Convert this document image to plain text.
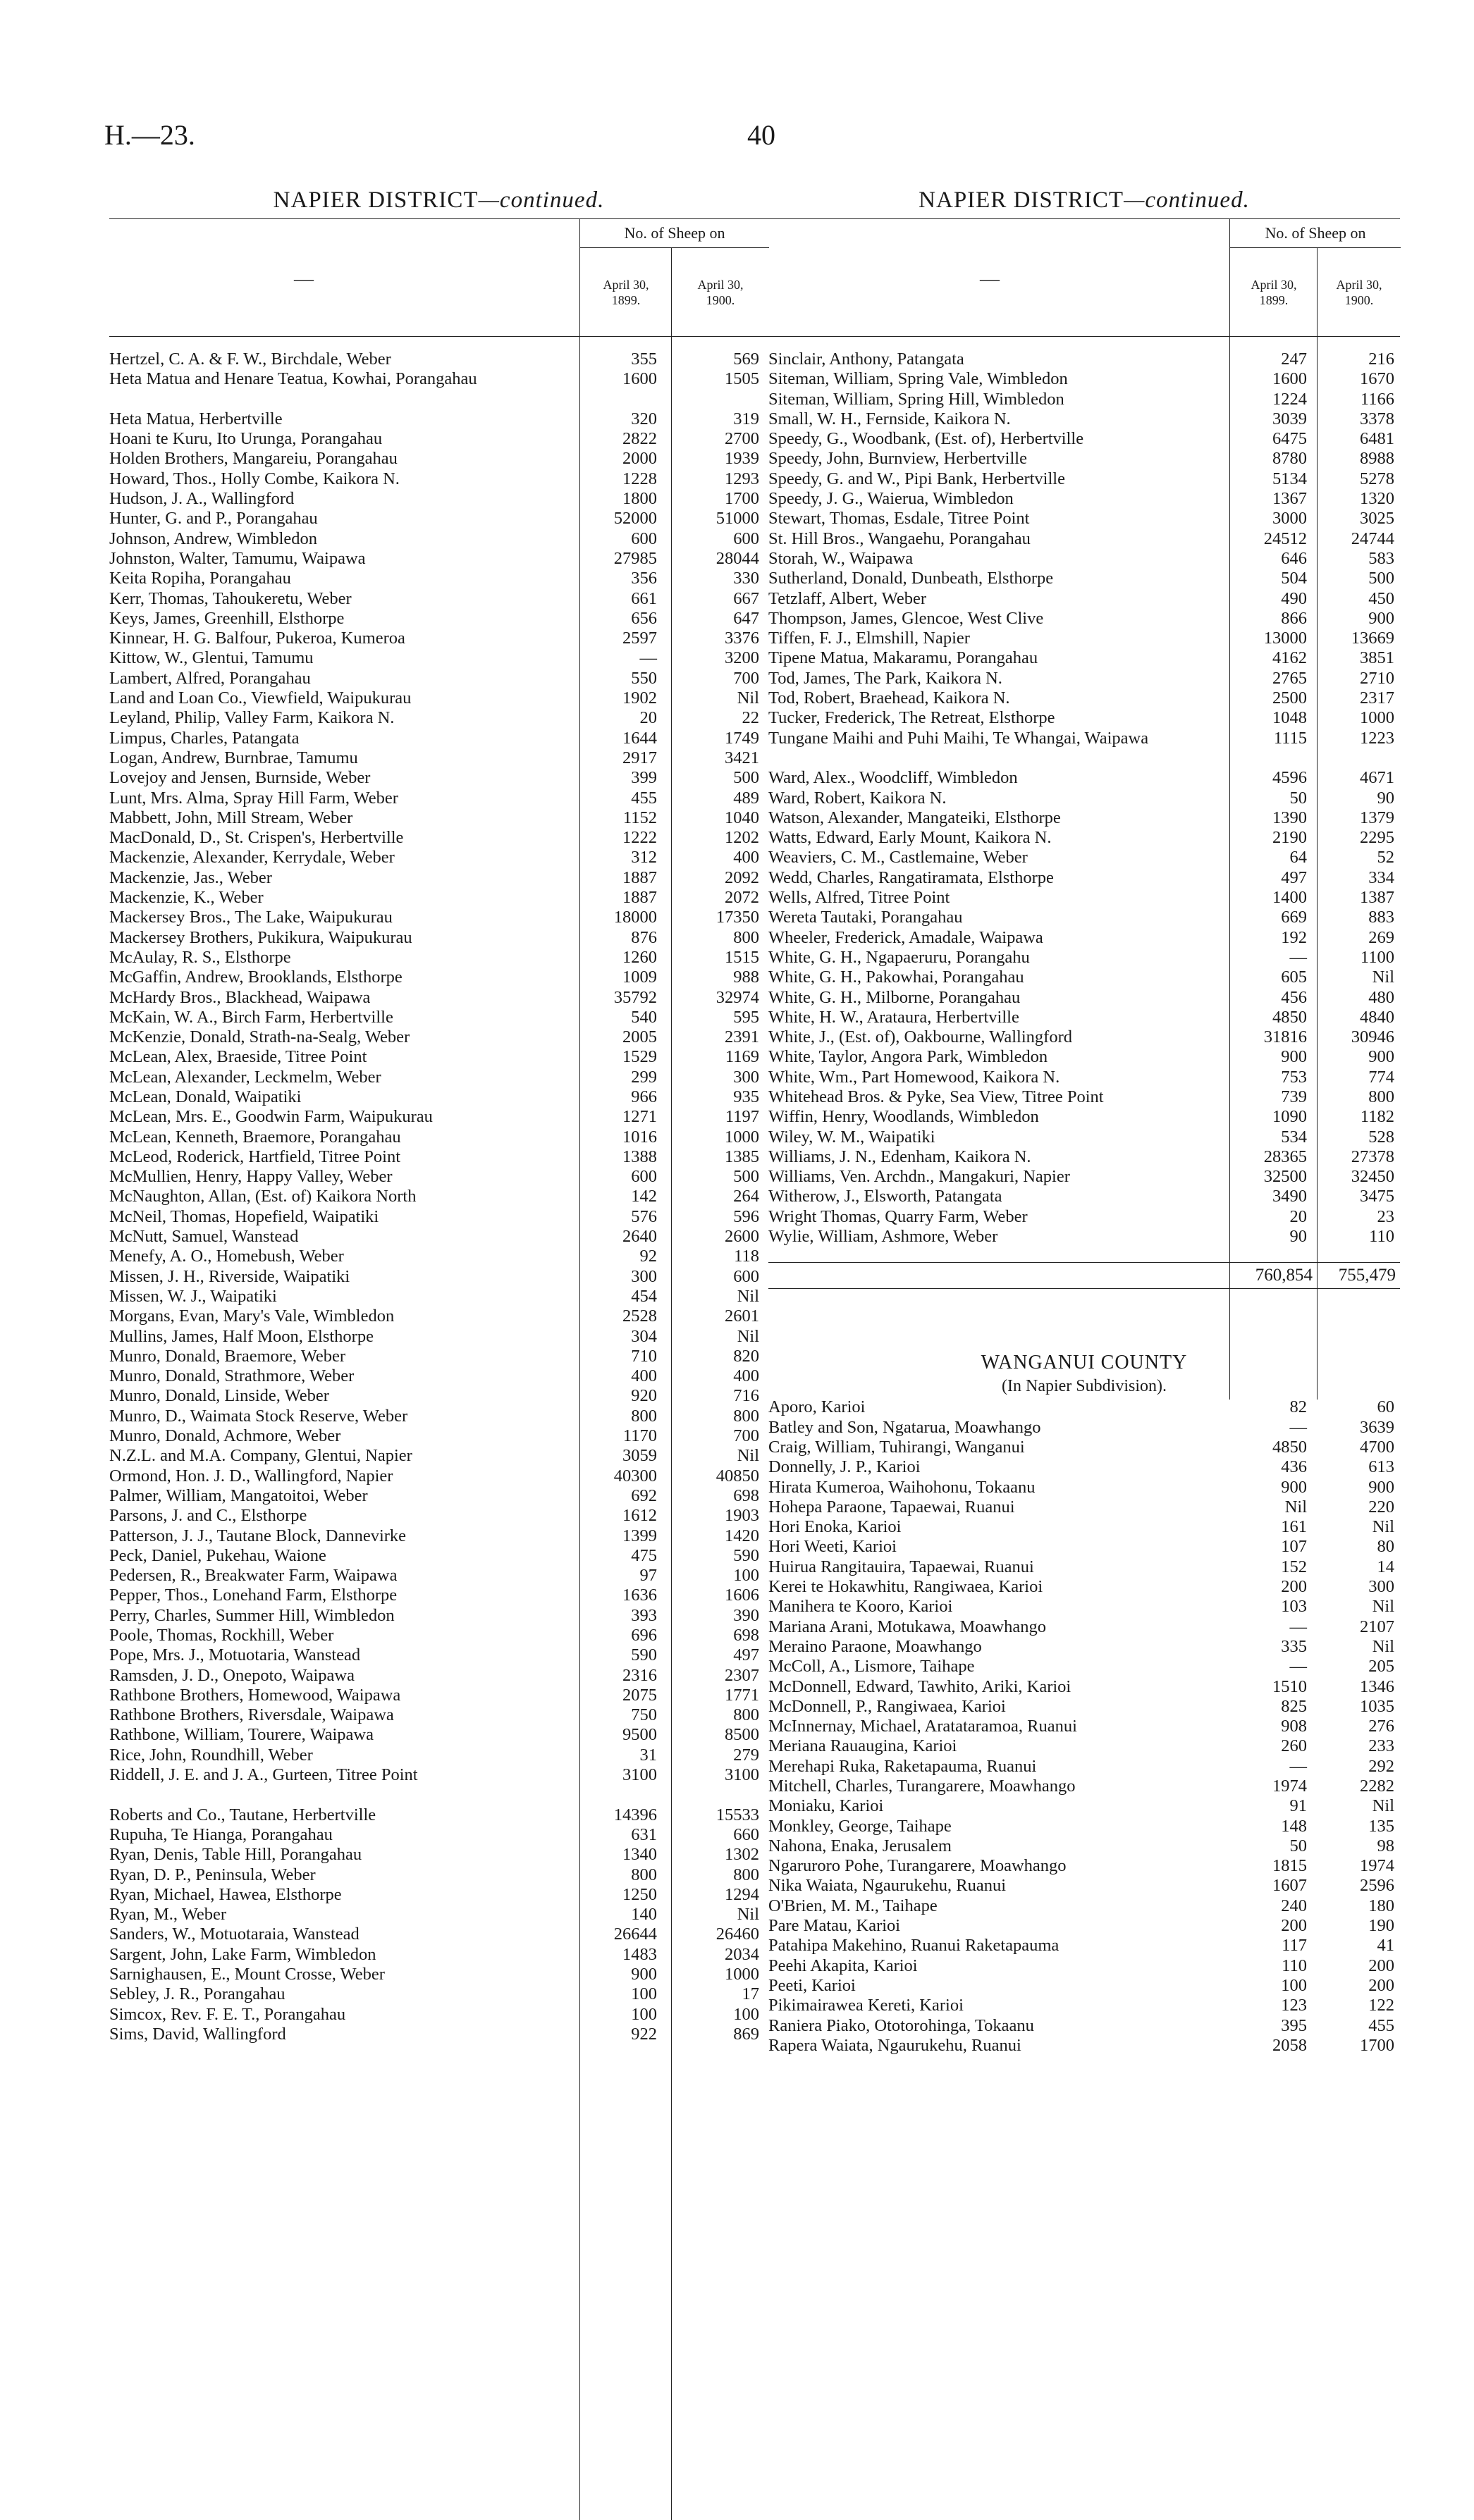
H.—23.	40
NAPIER DISTRICT—continued.
—
No. of Sheep on
April 30,
1899.
April 30,
1900.
Hertzel, C. A. & F. W., Birchdale, Weber	355	569
Heta Matua and Henare Teatua, Kowhai, Porangahau	1600	1505
Heta Matua, Herbertville	320	319
Hoani te Kuru, Ito Urunga, Porangahau	2822	2700
Holden Brothers, Mangareiu, Porangahau	2000	1939
Howard, Thos., Holly Combe, Kaikora N.	1228	1293
Hudson, J. A., Wallingford	1800	1700
Hunter, G. and P., Porangahau	52000	51000
Johnson, Andrew, Wimbledon	600	600
Johnston, Walter, Tamumu, Waipawa	27985	28044
Keita Ropiha, Porangahau	356	330
Kerr, Thomas, Tahoukeretu, Weber	661	667
Keys, James, Greenhill, Elsthorpe	656	647
Kinnear, H. G. Balfour, Pukeroa, Kumeroa	2597	3376
Kittow, W., Glentui, Tamumu	—	3200
Lambert, Alfred, Porangahau	550	700
Land and Loan Co., Viewfield, Waipukurau	1902	Nil
Leyland, Philip, Valley Farm, Kaikora N.	20	22
Limpus, Charles, Patangata	1644	1749
Logan, Andrew, Burnbrae, Tamumu	2917	3421
Lovejoy and Jensen, Burnside, Weber	399	500
Lunt, Mrs. Alma, Spray Hill Farm, Weber	455	489
Mabbett, John, Mill Stream, Weber	1152	1040
MacDonald, D., St. Crispen's, Herbertville	1222	1202
Mackenzie, Alexander, Kerrydale, Weber	312	400
Mackenzie, Jas., Weber	1887	2092
Mackenzie, K., Weber	1887	2072
Mackersey Bros., The Lake, Waipukurau	18000	17350
Mackersey Brothers, Pukikura, Waipukurau	876	800
McAulay, R. S., Elsthorpe	1260	1515
McGaffin, Andrew, Brooklands, Elsthorpe	1009	988
McHardy Bros., Blackhead, Waipawa	35792	32974
McKain, W. A., Birch Farm, Herbertville	540	595
McKenzie, Donald, Strath-na-Sealg, Weber	2005	2391
McLean, Alex, Braeside, Titree Point	1529	1169
McLean, Alexander, Leckmelm, Weber	299	300
McLean, Donald, Waipatiki	966	935
McLean, Mrs. E., Goodwin Farm, Waipukurau	1271	1197
McLean, Kenneth, Braemore, Porangahau	1016	1000
McLeod, Roderick, Hartfield, Titree Point	1388	1385
McMullien, Henry, Happy Valley, Weber	600	500
McNaughton, Allan, (Est. of) Kaikora North	142	264
McNeil, Thomas, Hopefield, Waipatiki	576	596
McNutt, Samuel, Wanstead	2640	2600
Menefy, A. O., Homebush, Weber	92	118
Missen, J. H., Riverside, Waipatiki	300	600
Missen, W. J., Waipatiki	454	Nil
Morgans, Evan, Mary's Vale, Wimbledon	2528	2601
Mullins, James, Half Moon, Elsthorpe	304	Nil
Munro, Donald, Braemore, Weber	710	820
Munro, Donald, Strathmore, Weber	400	400
Munro, Donald, Linside, Weber	920	716
Munro, D., Waimata Stock Reserve, Weber	800	800
Munro, Donald, Achmore, Weber	1170	700
N.Z.L. and M.A. Company, Glentui, Napier	3059	Nil
Ormond, Hon. J. D., Wallingford, Napier	40300	40850
Palmer, William, Mangatoitoi, Weber	692	698
Parsons, J. and C., Elsthorpe	1612	1903
Patterson, J. J., Tautane Block, Dannevirke	1399	1420
Peck, Daniel, Pukehau, Waione	475	590
Pedersen, R., Breakwater Farm, Waipawa	97	100
Pepper, Thos., Lonehand Farm, Elsthorpe	1636	1606
Perry, Charles, Summer Hill, Wimbledon	393	390
Poole, Thomas, Rockhill, Weber	696	698
Pope, Mrs. J., Motuotaria, Wanstead	590	497
Ramsden, J. D., Onepoto, Waipawa	2316	2307
Rathbone Brothers, Homewood, Waipawa	2075	1771
Rathbone Brothers, Riversdale, Waipawa	750	800
Rathbone, William, Tourere, Waipawa	9500	8500
Rice, John, Roundhill, Weber	31	279
Riddell, J. E. and J. A., Gurteen, Titree Point	3100	3100
Roberts and Co., Tautane, Herbertville	14396	15533
Rupuha, Te Hianga, Porangahau	631	660
Ryan, Denis, Table Hill, Porangahau	1340	1302
Ryan, D. P., Peninsula, Weber	800	800
Ryan, Michael, Hawea, Elsthorpe	1250	1294
Ryan, M., Weber	140	Nil
Sanders, W., Motuotaraia, Wanstead	26644	26460
Sargent, John, Lake Farm, Wimbledon	1483	2034
Sarnighausen, E., Mount Crosse, Weber	900	1000
Sebley, J. R., Porangahau	100	17
Simcox, Rev. F. E. T., Porangahau	100	100
Sims, David, Wallingford	922	869
NAPIER DISTRICT—continued.
—
No. of Sheep on
April 30,
1899.
April 30,
1900.
Sinclair, Anthony, Patangata	247	216
Siteman, William, Spring Vale, Wimbledon	1600	1670
Siteman, William, Spring Hill, Wimbledon	1224	1166
Small, W. H., Fernside, Kaikora N.	3039	3378
Speedy, G., Woodbank, (Est. of), Herbertville	6475	6481
Speedy, John, Burnview, Herbertville	8780	8988
Speedy, G. and W., Pipi Bank, Herbertville	5134	5278
Speedy, J. G., Waierua, Wimbledon	1367	1320
Stewart, Thomas, Esdale, Titree Point	3000	3025
St. Hill Bros., Wangaehu, Porangahau	24512	24744
Storah, W., Waipawa	646	583
Sutherland, Donald, Dunbeath, Elsthorpe	504	500
Tetzlaff, Albert, Weber	490	450
Thompson, James, Glencoe, West Clive	866	900
Tiffen, F. J., Elmshill, Napier	13000	13669
Tipene Matua, Makaramu, Porangahau	4162	3851
Tod, James, The Park, Kaikora N.	2765	2710
Tod, Robert, Braehead, Kaikora N.	2500	2317
Tucker, Frederick, The Retreat, Elsthorpe	1048	1000
Tungane Maihi and Puhi Maihi, Te Whangai, Waipawa	1115	1223
Ward, Alex., Woodcliff, Wimbledon	4596	4671
Ward, Robert, Kaikora N.	50	90
Watson, Alexander, Mangateiki, Elsthorpe	1390	1379
Watts, Edward, Early Mount, Kaikora N.	2190	2295
Weaviers, C. M., Castlemaine, Weber	64	52
Wedd, Charles, Rangatiramata, Elsthorpe	497	334
Wells, Alfred, Titree Point	1400	1387
Wereta Tautaki, Porangahau	669	883
Wheeler, Frederick, Amadale, Waipawa	192	269
White, G. H., Ngapaeruru, Porangahu	—	1100
White, G. H., Pakowhai, Porangahau	605	Nil
White, G. H., Milborne, Porangahau	456	480
White, H. W., Arataura, Herbertville	4850	4840
White, J., (Est. of), Oakbourne, Wallingford	31816	30946
White, Taylor, Angora Park, Wimbledon	900	900
White, Wm., Part Homewood, Kaikora N.	753	774
Whitehead Bros. & Pyke, Sea View, Titree Point	739	800
Wiffin, Henry, Woodlands, Wimbledon	1090	1182
Wiley, W. M., Waipatiki	534	528
Williams, J. N., Edenham, Kaikora N.	28365	27378
Williams, Ven. Archdn., Mangakuri, Napier	32500	32450
Witherow, J., Elsworth, Patangata	3490	3475
Wright Thomas, Quarry Farm, Weber	20	23
Wylie, William, Ashmore, Weber	90	110
760,854	755,479
WANGANUI COUNTY
(In Napier Subdivision).
Aporo, Karioi	82	60
Batley and Son, Ngatarua, Moawhango	—	3639
Craig, William, Tuhirangi, Wanganui	4850	4700
Donnelly, J. P., Karioi	436	613
Hirata Kumeroa, Waihohonu, Tokaanu	900	900
Hohepa Paraone, Tapaewai, Ruanui	Nil	220
Hori Enoka, Karioi	161	Nil
Hori Weeti, Karioi	107	80
Huirua Rangitauira, Tapaewai, Ruanui	152	14
Kerei te Hokawhitu, Rangiwaea, Karioi	200	300
Manihera te Kooro, Karioi	103	Nil
Mariana Arani, Motukawa, Moawhango	—	2107
Meraino Paraone, Moawhango	335	Nil
McColl, A., Lismore, Taihape	—	205
McDonnell, Edward, Tawhito, Ariki, Karioi	1510	1346
McDonnell, P., Rangiwaea, Karioi	825	1035
McInnernay, Michael, Aratataramoa, Ruanui	908	276
Meriana Rauaugina, Karioi	260	233
Merehapi Ruka, Raketapauma, Ruanui	—	292
Mitchell, Charles, Turangarere, Moawhango	1974	2282
Moniaku, Karioi	91	Nil
Monkley, George, Taihape	148	135
Nahona, Enaka, Jerusalem	50	98
Ngaruroro Pohe, Turangarere, Moawhango	1815	1974
Nika Waiata, Ngaurukehu, Ruanui	1607	2596
O'Brien, M. M., Taihape	240	180
Pare Matau, Karioi	200	190
Patahipa Makehino, Ruanui Raketapauma	117	41
Peehi Akapita, Karioi	110	200
Peeti, Karioi	100	200
Pikimairawea Kereti, Karioi	123	122
Raniera Piako, Ototorohinga, Tokaanu	395	455
Rapera Waiata, Ngaurukehu, Ruanui	2058	1700
